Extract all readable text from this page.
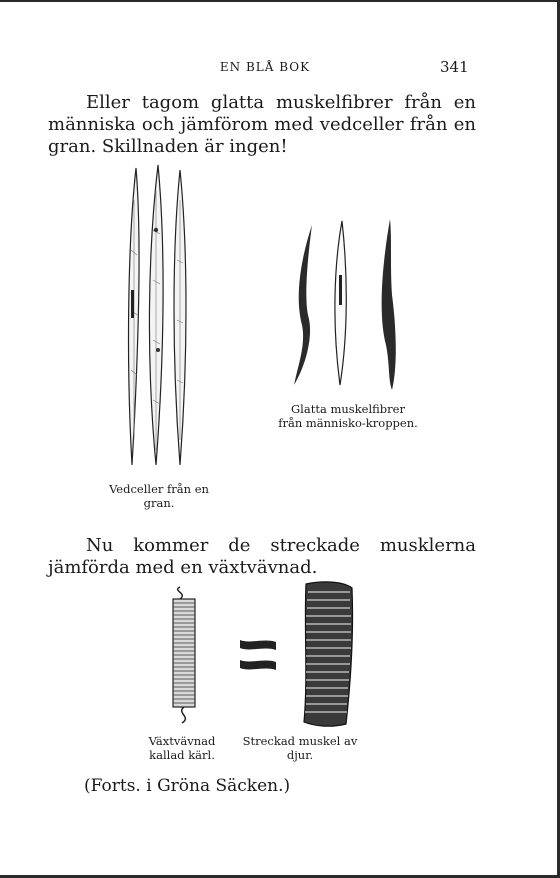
EN BLÅ BOK	341
Eller tagom glatta muskelfibrer från en människa och jämförom med vedceller från en gran. Skillnaden är ingen!
Vedceller från en gran.
Glatta muskelfibrer från människo-kroppen.
Nu kommer de streckade musklerna jämförda med en växtvävnad.
Växtvävnad kallad kärl.
Streckad muskel av djur.
(Forts. i Gröna Säcken.)
